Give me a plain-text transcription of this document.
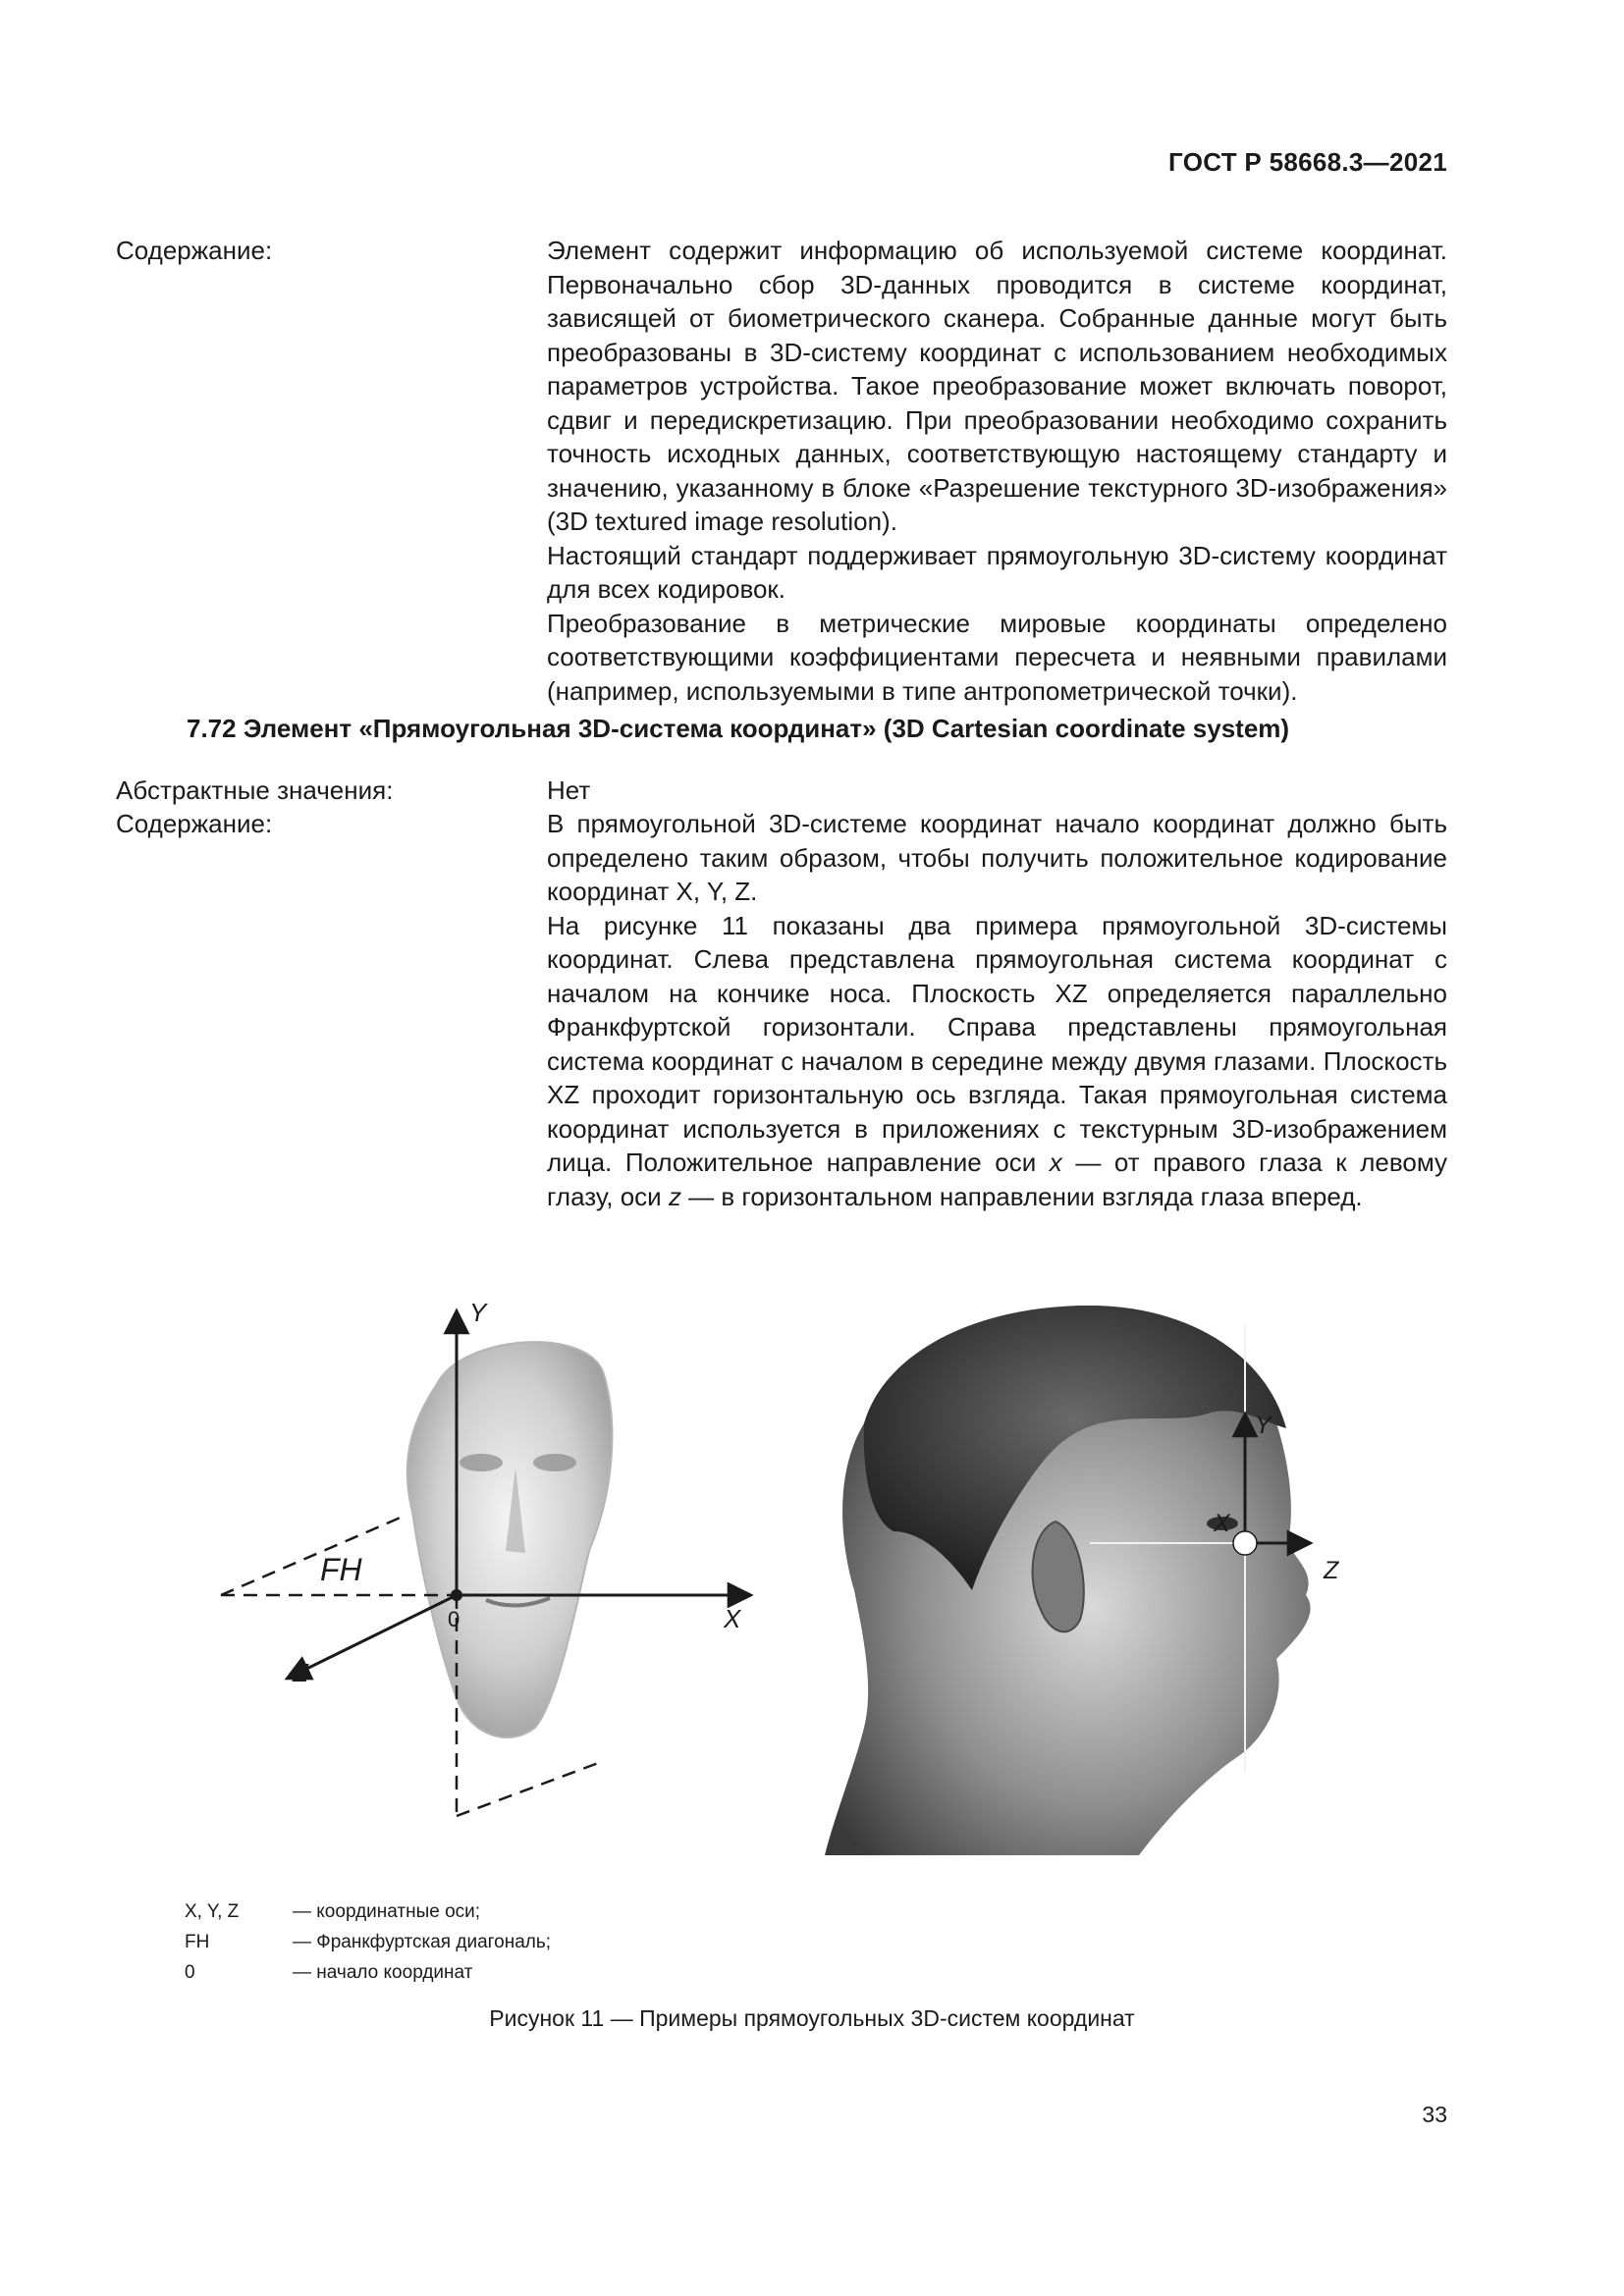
ГОСТ Р 58668.3—2021
Содержание:	Элемент содержит информацию об используемой системе координат. Первоначально сбор 3D-данных проводится в системе координат, зависящей от биометрического сканера. Собранные данные могут быть преобразованы в 3D-систему координат с использованием необходимых параметров устройства. Такое преобразование может включать поворот, сдвиг и передискретизацию. При преобразовании необходимо сохранить точность исходных данных, соответствующую настоящему стандарту и значению, указанному в блоке «Разрешение текстурного 3D-изображения» (3D textured image resolution).

Настоящий стандарт поддерживает прямоугольную 3D-систему координат для всех кодировок.

Преобразование в метрические мировые координаты определено соответствующими коэффициентами пересчета и неявными правилами (например, используемыми в типе антропометрической точки).

7.72 Элемент «Прямоугольная 3D-система координат» (3D Cartesian coordinate system)
Абстрактные значения:	Нет
Содержание:	В прямоугольной 3D-системе координат начало координат должно быть определено таким образом, чтобы получить положительное кодирование координат X, Y, Z.

На рисунке 11 показаны два примера прямоугольной 3D-системы координат. Слева представлена прямоугольная система координат с началом на кончике носа. Плоскость XZ определяется параллельно Франкфуртской горизонтали. Справа представлены прямоугольная система координат с началом в середине между двумя глазами. Плоскость XZ проходит горизонтальную ось взгляда. Такая прямоугольная система координат используется в приложениях с текстурным 3D-изображением лица. Положительное направление оси x — от правого глаза к левому глазу, оси z — в горизонтальном направлении взгляда глаза вперед.

Y
X
Z
FH
0
Y
X
Z
X, Y, Z	— координатные оси;
FH	— Франкфуртская диагональ;
0	— начало координат
Рисунок 11 — Примеры прямоугольных 3D-систем координат
33
